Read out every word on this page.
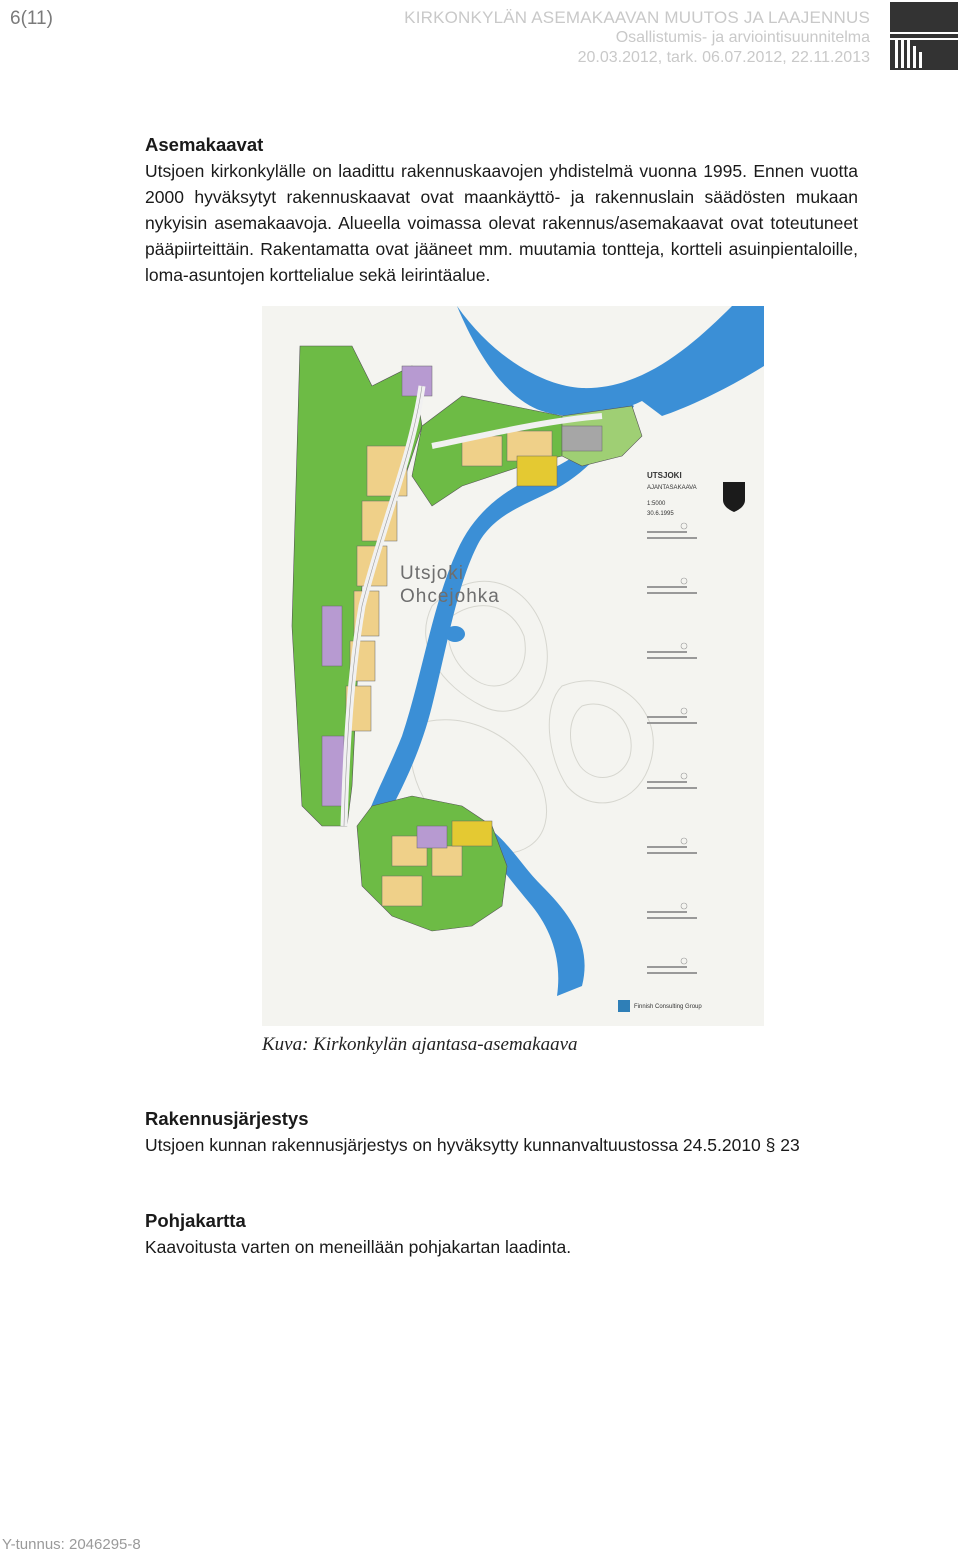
6(11)	KIRKONKYLÄN ASEMAKAAVAN MUUTOS JA LAAJENNUS
Osallistumis- ja arviointisuunnitelma
20.03.2012, tark. 06.07.2012, 22.11.2013
Asemakaavat
Utsjoen kirkonkylälle on laadittu rakennuskaavojen yhdistelmä vuonna 1995. Ennen vuotta 2000 hyväksytyt rakennuskaavat ovat maankäyttö- ja rakennuslain säädösten mukaan nykyisin asemakaavoja. Alueella voimassa olevat rakennus/asemakaavat ovat toteutuneet pääpiirteittäin. Rakentamatta ovat jääneet mm. muutamia tontteja, kortteli asuinpientaloille, loma-asuntojen korttelialue sekä leirintäalue.
Utsjoki
Ohcejohka
UTSJOKI
AJANTASAKAAVA
1:5000
30.6.1995
Finnish Consulting Group
Kuva: Kirkonkylän ajantasa-asemakaava
Rakennusjärjestys
Utsjoen kunnan rakennusjärjestys on hyväksytty kunnanvaltuustossa 24.5.2010 § 23
Pohjakartta
Kaavoitusta varten on meneillään pohjakartan laadinta.
Y-tunnus: 2046295-8
